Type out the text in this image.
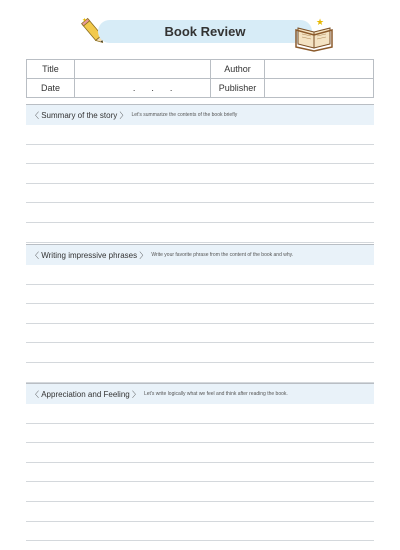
✦
Book Review
★
Title		Author	
Date	. . .	Publisher	
〈 Summary of the story 〉 Let's summarize the contents of the book briefly
〈 Writing impressive phrases 〉 Write your favorite phrase from the content of the book and why.
〈 Appreciation and Feeling 〉 Let's write logically what we feel and think after reading the book.
